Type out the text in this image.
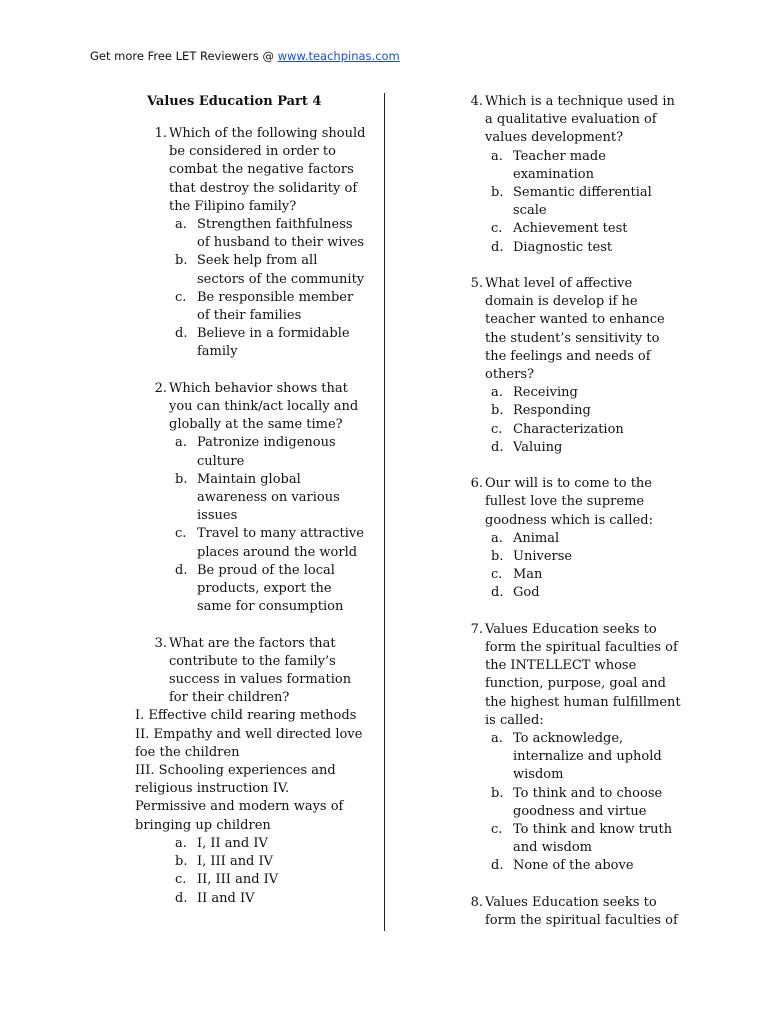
Get more Free LET Reviewers @ www.teachpinas.com
Values Education Part 4
1. Which of the following should
be considered in order to
combat the negative factors
that destroy the solidarity of
the Filipino family?
a. Strengthen faithfulness
of husband to their wives
b. Seek help from all
sectors of the community
c. Be responsible member
of their families
d. Believe in a formidable
family
2. Which behavior shows that
you can think/act locally and
globally at the same time?
a. Patronize indigenous
culture
b. Maintain global
awareness on various
issues
c. Travel to many attractive
places around the world
d. Be proud of the local
products, export the
same for consumption
3. What are the factors that
contribute to the family’s
success in values formation
for their children?
I. Effective child rearing methods
II. Empathy and well directed love
foe the children
III. Schooling experiences and
religious instruction IV.
Permissive and modern ways of
bringing up children
a. I, II and IV
b. I, III and IV
c. II, III and IV
d. II and IV
4. Which is a technique used in
a qualitative evaluation of
values development?
a. Teacher made
examination
b. Semantic differential
scale
c. Achievement test
d. Diagnostic test
5. What level of affective
domain is develop if he
teacher wanted to enhance
the student’s sensitivity to
the feelings and needs of
others?
a. Receiving
b. Responding
c. Characterization
d. Valuing
6. Our will is to come to the
fullest love the supreme
goodness which is called:
a. Animal
b. Universe
c. Man
d. God
7. Values Education seeks to
form the spiritual faculties of
the INTELLECT whose
function, purpose, goal and
the highest human fulfillment
is called:
a. To acknowledge,
internalize and uphold
wisdom
b. To think and to choose
goodness and virtue
c. To think and know truth
and wisdom
d. None of the above
8. Values Education seeks to
form the spiritual faculties of
